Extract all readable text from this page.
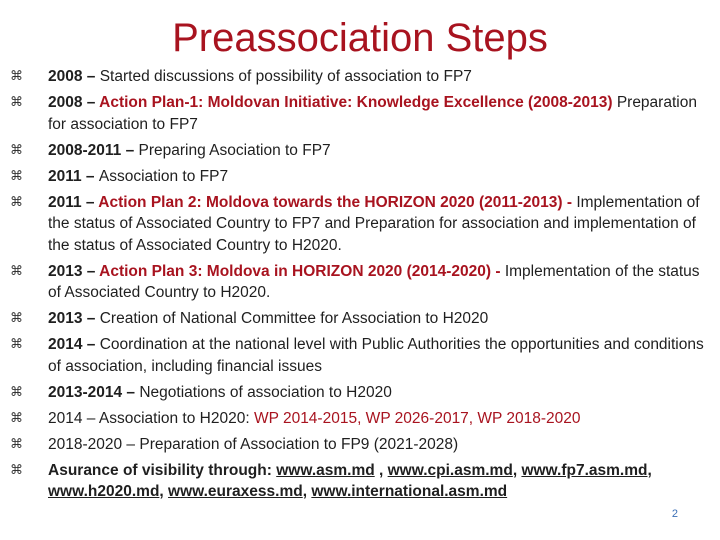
Preassociation Steps
⌘	2008 – Started discussions of possibility of association to FP7
⌘	2008 – Action Plan-1: Moldovan Initiative: Knowledge Excellence (2008-2013) Preparation for association to FP7
⌘	2008-2011 – Preparing Asociation to FP7
⌘	2011 – Association to FP7
⌘	2011 – Action Plan 2: Moldova towards the HORIZON 2020 (2011-2013) - Implementation of the status of Associated Country to FP7 and Preparation for association and implementation of the status of Associated Country to H2020.
⌘	2013 – Action Plan 3: Moldova in HORIZON 2020 (2014-2020) - Implementation of the status of Associated Country to H2020.
⌘	2013 – Creation of National Committee for Association to H2020
⌘	2014 – Coordination at the national level with Public Authorities the opportunities and conditions of association, including financial issues
⌘	2013-2014 – Negotiations of association to H2020
⌘	2014 – Association to H2020: WP 2014-2015, WP 2026-2017, WP 2018-2020
⌘	2018-2020 – Preparation of Association to FP9 (2021-2028)
⌘	Asurance of visibility through: www.asm.md , www.cpi.asm.md, www.fp7.asm.md, www.h2020.md, www.euraxess.md, www.international.asm.md
2
